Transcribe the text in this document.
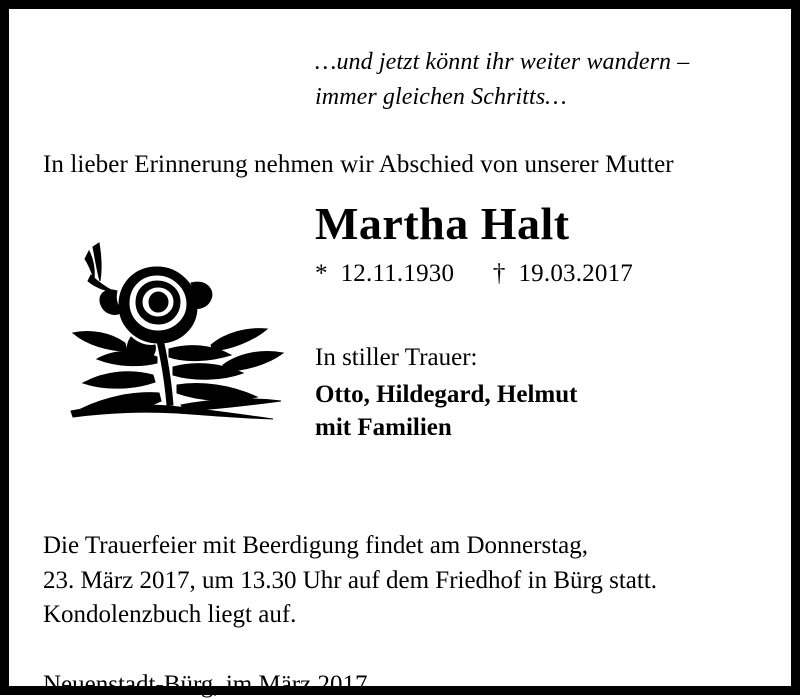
…und jetzt könnt ihr weiter wandern –
immer gleichen Schritts…
In lieber Erinnerung nehmen wir Abschied von unserer Mutter
Martha Halt
*  12.11.1930      †  19.03.2017
In stiller Trauer:
Otto, Hildegard, Helmut
mit Familien
Die Trauerfeier mit Beerdigung findet am Donnerstag,
23. März 2017, um 13.30 Uhr auf dem Friedhof in Bürg statt.
Kondolenzbuch liegt auf.
Neuenstadt-Bürg, im März 2017
